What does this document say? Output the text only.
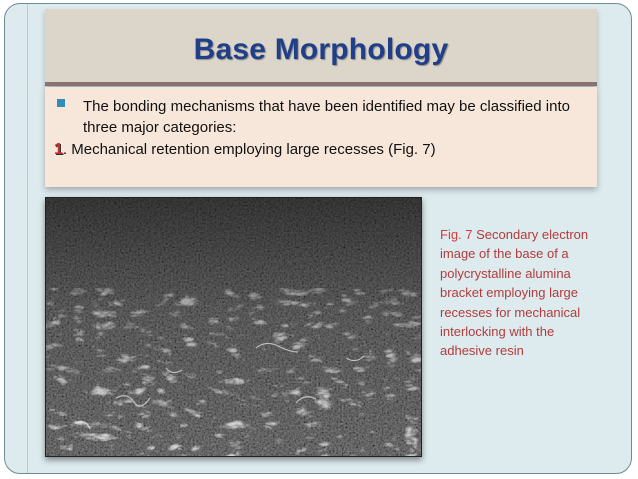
Base Morphology
The bonding mechanisms that have been identified may be classified into three major categories:
1. Mechanical retention employing large recesses (Fig. 7)
Fig. 7 Secondary electron image of the base of a polycrystalline alumina bracket employing large recesses for mechanical interlocking with the adhesive resin
